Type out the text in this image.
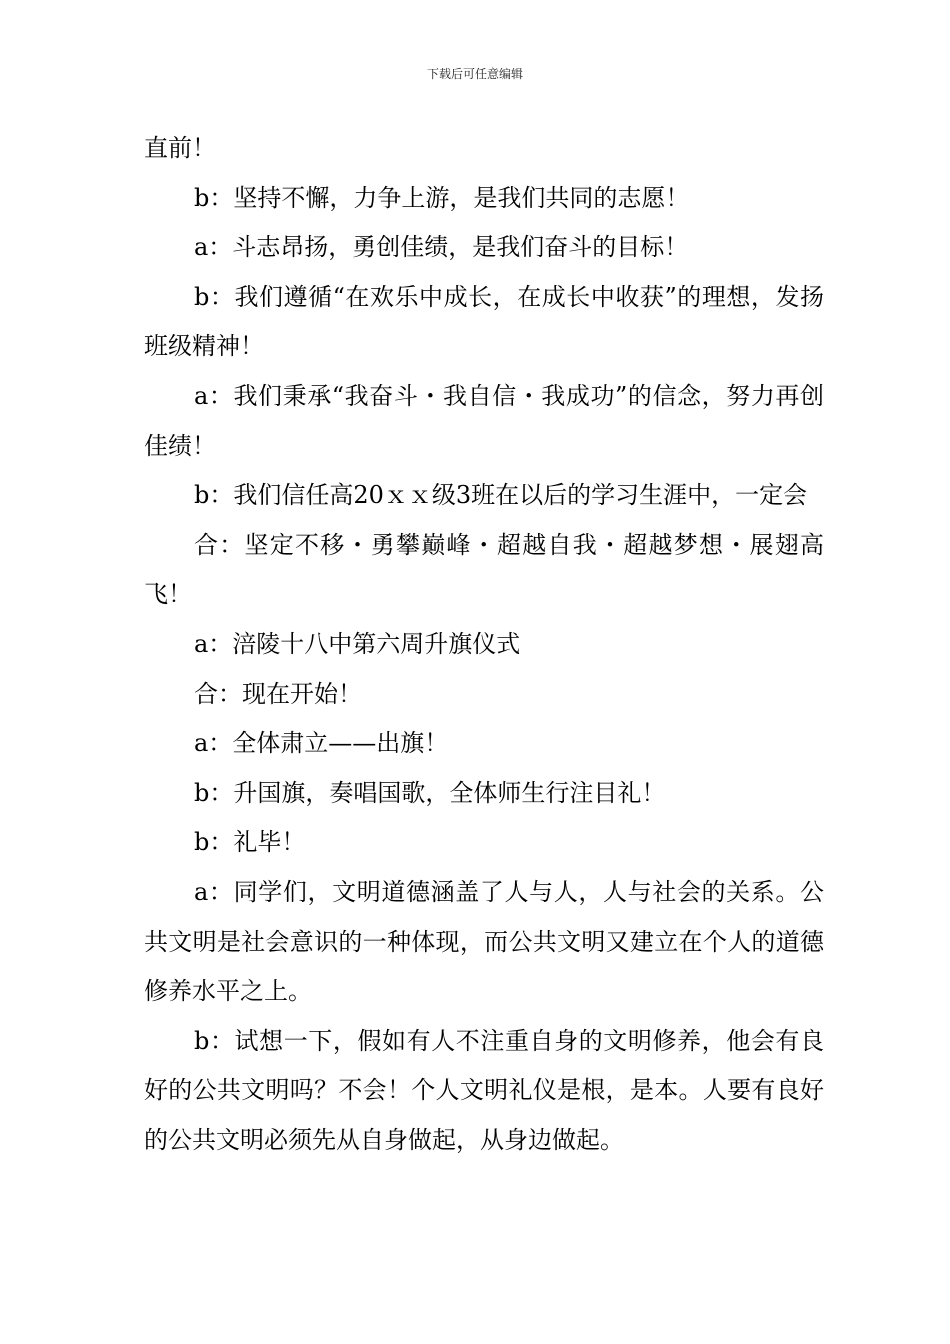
下载后可任意编辑

直前！

b：坚持不懈，力争上游，是我们共同的志愿！

a：斗志昂扬，勇创佳绩，是我们奋斗的目标！

b：我们遵循“在欢乐中成长，在成长中收获”的理想，发扬班级精神！

a：我们秉承“我奋斗・我自信・我成功”的信念，努力再创佳绩！

b：我们信任高20ｘｘ级3班在以后的学习生涯中，一定会

合：坚定不移・勇攀巅峰・超越自我・超越梦想・展翅高飞！

a：涪陵十八中第六周升旗仪式

合：现在开始！

a：全体肃立——出旗！

b：升国旗，奏唱国歌，全体师生行注目礼！

b：礼毕！

a：同学们，文明道德涵盖了人与人，人与社会的关系。公共文明是社会意识的一种体现，而公共文明又建立在个人的道德修养水平之上。

b：试想一下，假如有人不注重自身的文明修养，他会有良好的公共文明吗？不会！个人文明礼仪是根，是本。人要有良好的公共文明必须先从自身做起，从身边做起。
